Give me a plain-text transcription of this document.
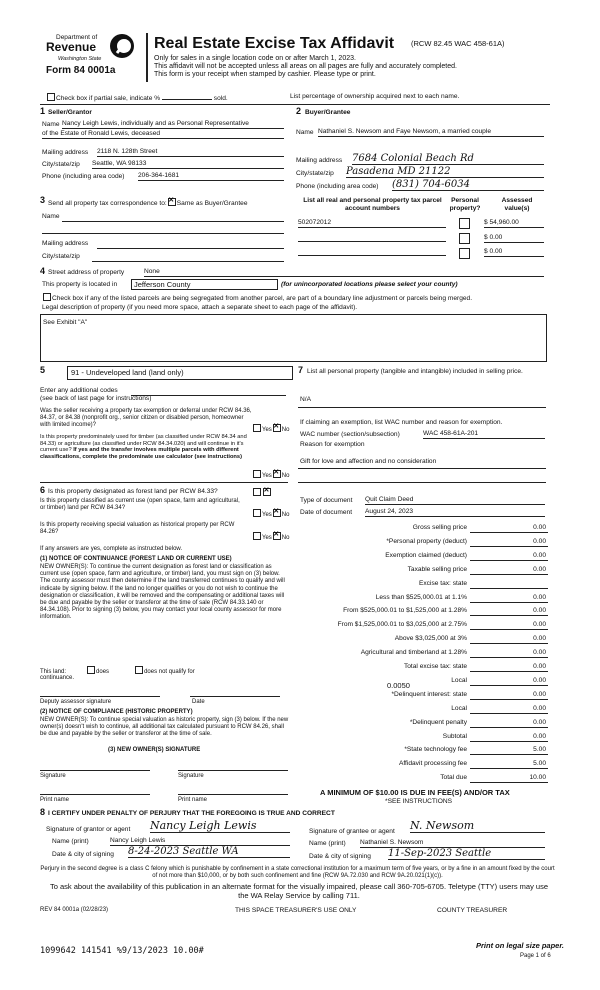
Department of
Revenue
Washington State
Form 84 0001a
Real Estate Excise Tax Affidavit (RCW 82.45 WAC 458-61A)
Only for sales in a single location code on or after March 1, 2023.
This affidavit will not be accepted unless all areas on all pages are fully and accurately completed.
This form is your receipt when stamped by cashier. Please type or print.
Check box if partial sale, indicate %	sold.	List percentage of ownership acquired next to each name.
1 Seller/Grantor
Name Nancy Leigh Lewis, individually and as Personal Representative
of the Estate of Ronald Lewis, deceased
Mailing address 2118 N. 128th Street
City/state/zip Seattle, WA 98133
Phone (including area code) 206-364-1681
2 Buyer/Grantee
Name Nathaniel S. Newsom and Faye Newsom, a married couple
Mailing address 7684 Colonial Beach Rd
City/state/zip Pasadena MD 21122
Phone (including area code) (831) 704-6034
3 Send all property tax correspondence to: ✕ Same as Buyer/Grantee
Name
Mailing address
City/state/zip
List all real and personal property tax parcel account numbers
Personal property?
Assessed value(s)
502072012	$ 54,960.00
$ 0.00
$ 0.00
4 Street address of property	None
This property is located in	Jefferson County	(for unincorporated locations please select your county)
Check box if any of the listed parcels are being segregated from another parcel, are part of a boundary line adjustment or parcels being merged.
Legal description of property (if you need more space, attach a separate sheet to each page of the affidavit).
See Exhibit "A"
5	91 - Undeveloped land (land only)
Enter any additional codes
(see back of last page for instructions)
Was the seller receiving a property tax exemption or deferral under RCW 84.36, 84.37, or 84.38 (nonprofit org., senior citizen or disabled person, homeowner with limited income)?
Yes ✕ No
Is this property predominately used for timber (as classified under RCW 84.34 and 84.33) or agriculture (as classified under RCW 84.34.020) and will continue in it's current use? If yes and the transfer involves multiple parcels with different classifications, complete the predominate use calculator (see instructions)
Yes ✕ No
6 Is this property designated as forest land per RCW 84.33?
✕
Is this property classified as current use (open space, farm and agricultural, or timber) land per RCW 84.34?
Yes ✕ No
Is this property receiving special valuation as historical property per RCW 84.26?
Yes ✕ No
If any answers are yes, complete as instructed below.
(1) NOTICE OF CONTINUANCE (FOREST LAND OR CURRENT USE)
NEW OWNER(S): To continue the current designation as forest land or classification as current use (open space, farm and agriculture, or timber) land, you must sign on (3) below. The county assessor must then determine if the land transferred continues to qualify and will indicate by signing below. If the land no longer qualifies or you do not wish to continue the designation or classification, it will be removed and the compensating or additional taxes will be due and payable by the seller or transferor at the time of sale (RCW 84.33.140 or 84.34.108). Prior to signing (3) below, you may contact your local county assessor for more information.
This land:	does	does not qualify for
continuance.
Deputy assessor signature	Date
(2) NOTICE OF COMPLIANCE (HISTORIC PROPERTY)
NEW OWNER(S): To continue special valuation as historic property, sign (3) below. If the new owner(s) doesn't wish to continue, all additional tax calculated pursuant to RCW 84.26, shall be due and payable by the seller or transferor at the time of sale.
(3) NEW OWNER(S) SIGNATURE
Signature	Signature
Print name	Print name
7 List all personal property (tangible and intangible) included in selling price.
N/A
If claiming an exemption, list WAC number and reason for exemption.
WAC number (section/subsection)	WAC 458-61A-201
Reason for exemption
Gift for love and affection and no consideration
Type of document Quit Claim Deed
Date of document August 24, 2023
Gross selling price	0.00
*Personal property (deduct)	0.00
Exemption claimed (deduct)	0.00
Taxable selling price	0.00
Excise tax: state
Less than $525,000.01 at 1.1%	0.00
From $525,000.01 to $1,525,000 at 1.28%	0.00
From $1,525,000.01 to $3,025,000 at 2.75%	0.00
Above $3,025,000 at 3%	0.00
Agricultural and timberland at 1.28%	0.00
Total excise tax: state	0.00
Local	0.00
*Delinquent interest: state	0.00
Local	0.00
*Delinquent penalty	0.00
Subtotal	0.00
*State technology fee	5.00
Affidavit processing fee	5.00
Total due	10.00
0.0050
A MINIMUM OF $10.00 IS DUE IN FEE(S) AND/OR TAX
*SEE INSTRUCTIONS
8 I CERTIFY UNDER PENALTY OF PERJURY THAT THE FOREGOING IS TRUE AND CORRECT
Signature of grantor or agent Nancy Leigh Lewis
Name (print)	Nancy Leigh Lewis
Date & city of signing 8-24-2023 Seattle WA
Signature of grantee or agent N. Newsom
Name (print) Nathaniel S. Newsom
Date & city of signing 11-Sep-2023 Seattle
Perjury in the second degree is a class C felony which is punishable by confinement in a state correctional institution for a maximum term of five years, or by a fine in an amount fixed by the court of not more than $10,000, or by both such confinement and fine (RCW 9A.72.030 and RCW 9A.20.021(1)(c)).
To ask about the availability of this publication in an alternate format for the visually impaired, please call 360-705-6705. Teletype (TTY) users may use the WA Relay Service by calling 711.
REV 84 0001a (02/28/23)	THIS SPACE TREASURER'S USE ONLY	COUNTY TREASURER
1099642 141541 %9/13/2023 10.00#
Print on legal size paper.
Page 1 of 6
